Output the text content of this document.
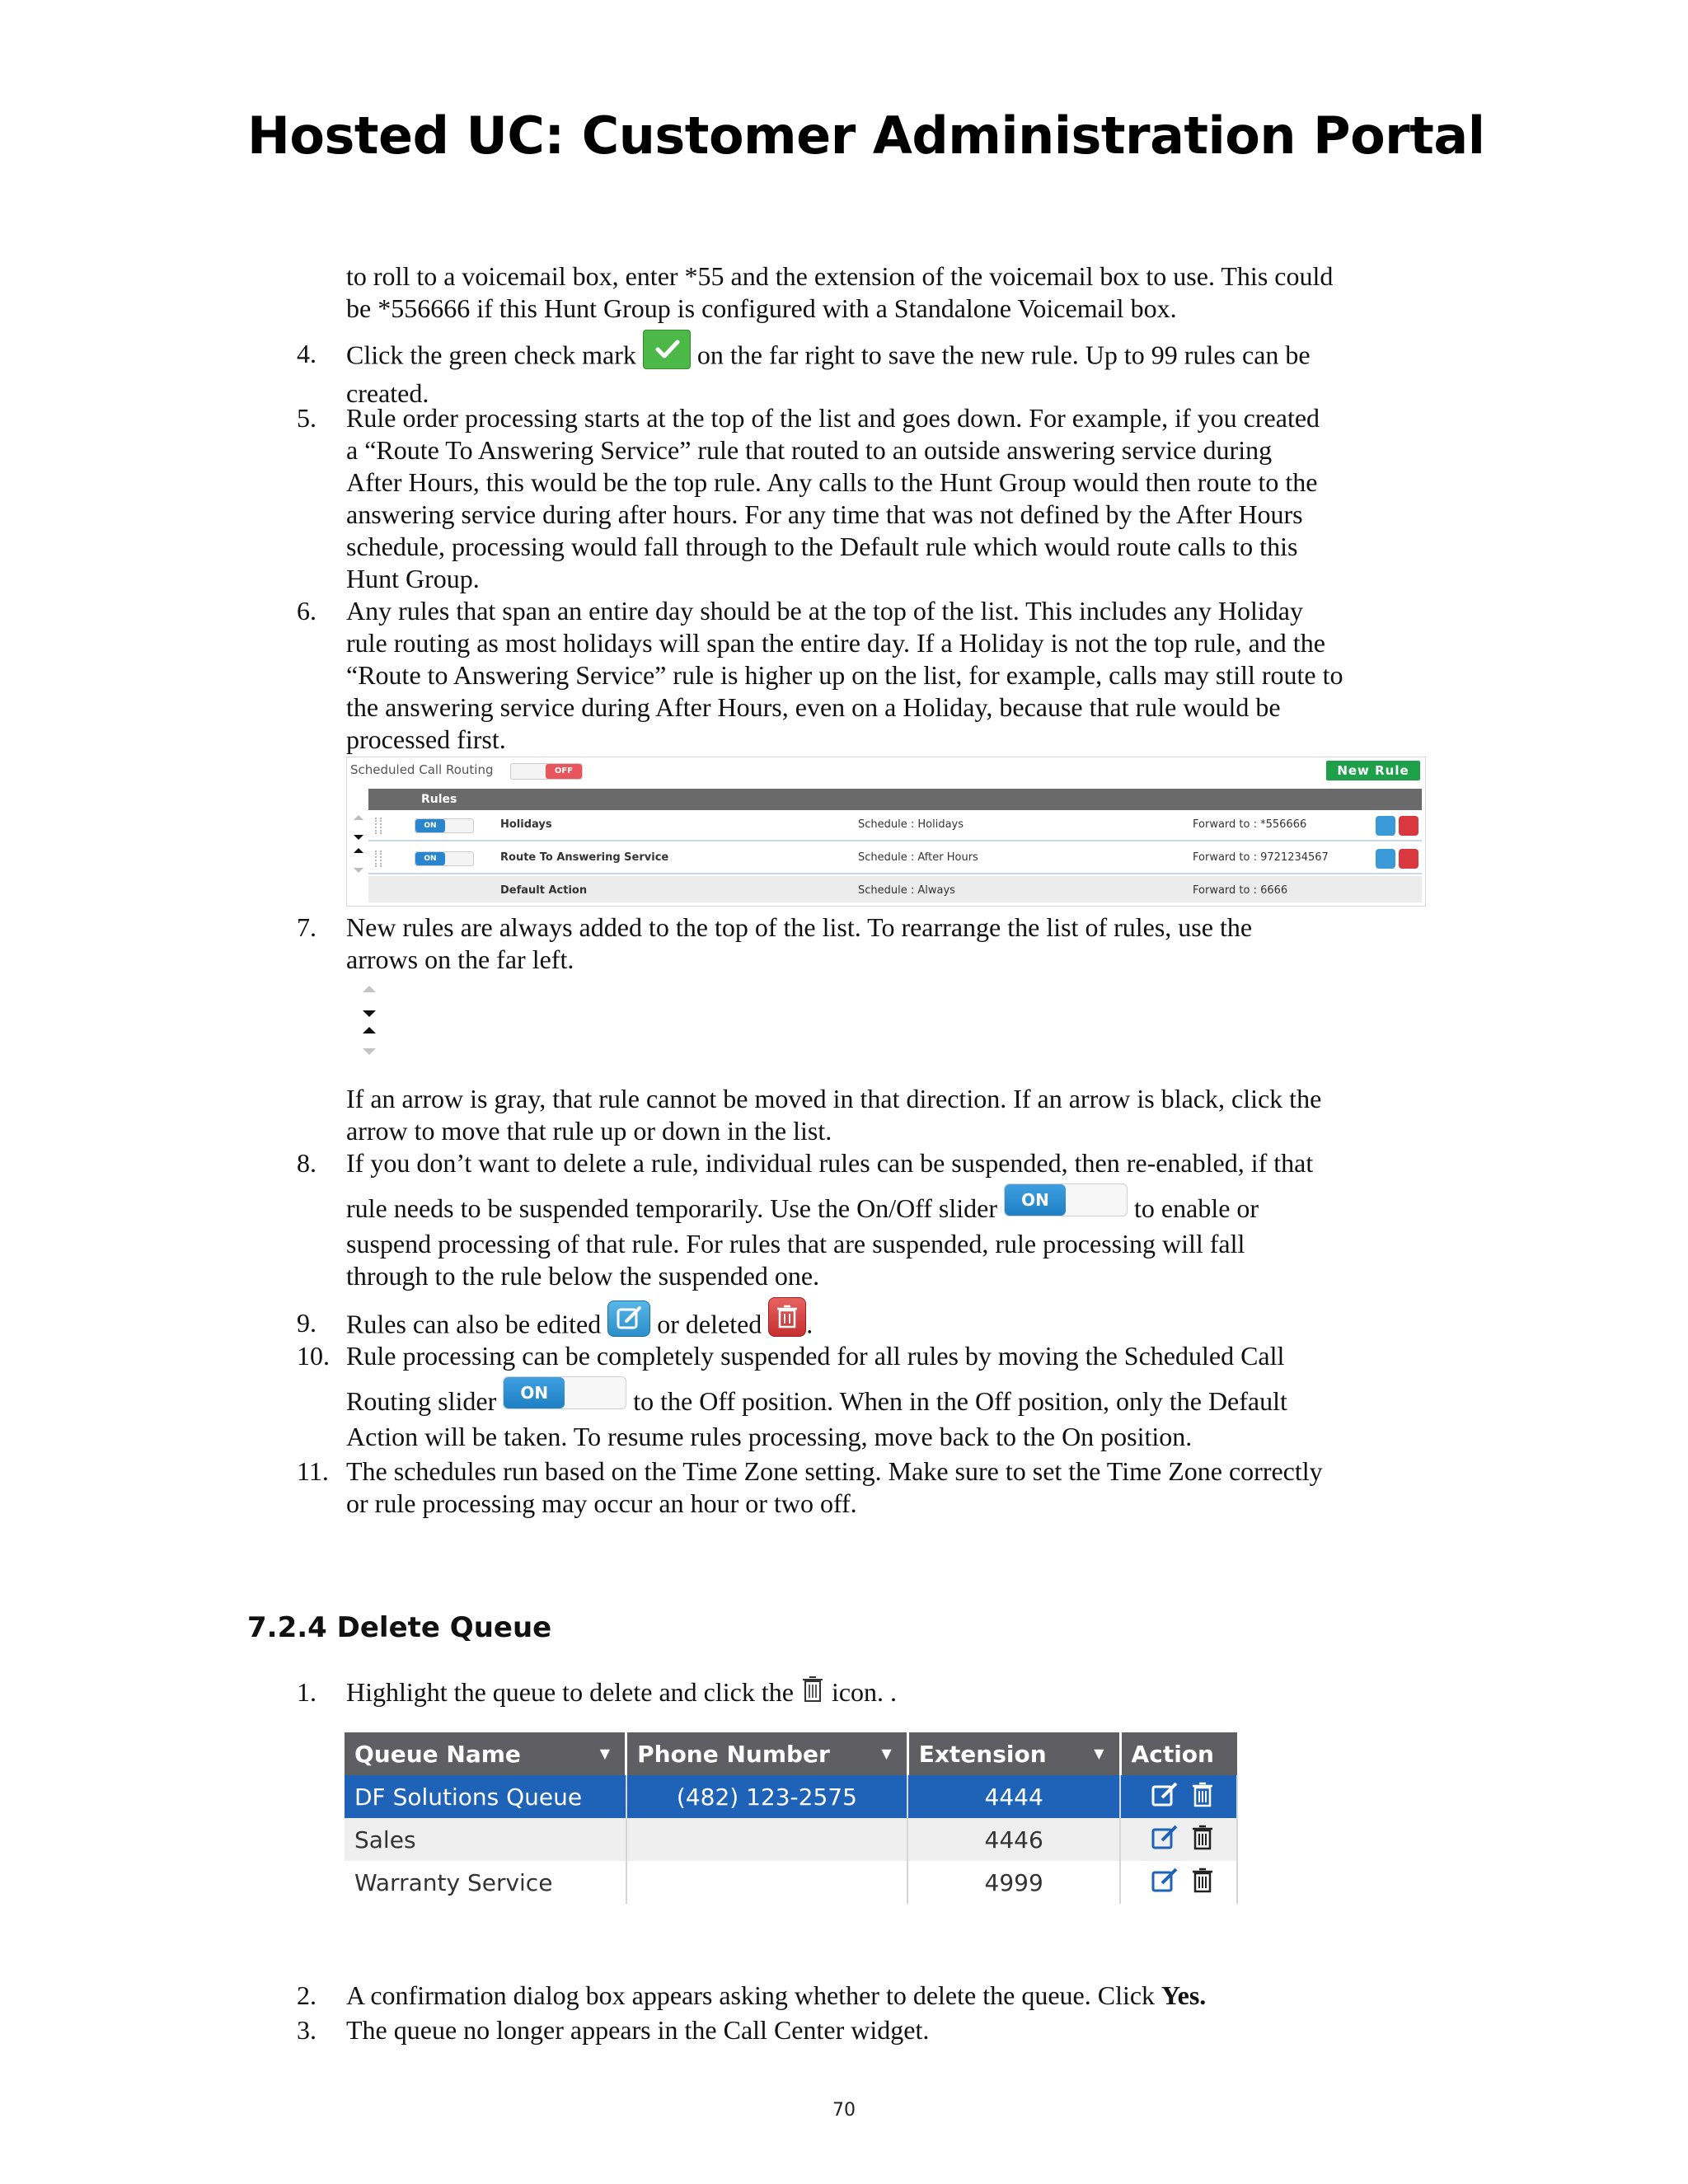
Hosted UC: Customer Administration Portal

to roll to a voicemail box, enter *55 and the extension of the voicemail box to use. This could

be *556666 if this Hunt Group is configured with a Standalone Voicemail box.

4. Click the green check mark on the far right to save the new rule. Up to 99 rules can be

created.

5. Rule order processing starts at the top of the list and goes down. For example, if you created

a “Route To Answering Service” rule that routed to an outside answering service during

After Hours, this would be the top rule. Any calls to the Hunt Group would then route to the

answering service during after hours. For any time that was not defined by the After Hours

schedule, processing would fall through to the Default rule which would route calls to this

Hunt Group.

6. Any rules that span an entire day should be at the top of the list. This includes any Holiday

rule routing as most holidays will span the entire day. If a Holiday is not the top rule, and the

“Route to Answering Service” rule is higher up on the list, for example, calls may still route to

the answering service during After Hours, even on a Holiday, because that rule would be

processed first.

Scheduled Call Routing	OFF	New Rule
Rules
ON	Holidays	Schedule : Holidays	Forward to : *556666
ON	Route To Answering Service	Schedule : After Hours	Forward to : 9721234567
Default Action	Schedule : Always	Forward to : 6666
7. New rules are always added to the top of the list. To rearrange the list of rules, use the

arrows on the far left.

If an arrow is gray, that rule cannot be moved in that direction. If an arrow is black, click the

arrow to move that rule up or down in the list.

8. If you don’t want to delete a rule, individual rules can be suspended, then re-enabled, if that

rule needs to be suspended temporarily. Use the On/Off slider	ON	to enable or

suspend processing of that rule. For rules that are suspended, rule processing will fall

through to the rule below the suspended one.

9. Rules can also be edited or deleted .

10. Rule processing can be completely suspended for all rules by moving the Scheduled Call

Routing slider	ON	to the Off position. When in the Off position, only the Default

Action will be taken. To resume rules processing, move back to the On position.

11. The schedules run based on the Time Zone setting. Make sure to set the Time Zone correctly

or rule processing may occur an hour or two off.

7.2.4 Delete Queue
1. Highlight the queue to delete and click the icon. .

Queue Name ▼	Phone Number ▼	Extension ▼	Action
DF Solutions Queue	(482) 123-2575	4444	
Sales		4446	
Warranty Service		4999	
2. A confirmation dialog box appears asking whether to delete the queue. Click Yes.

3. The queue no longer appears in the Call Center widget.

70
